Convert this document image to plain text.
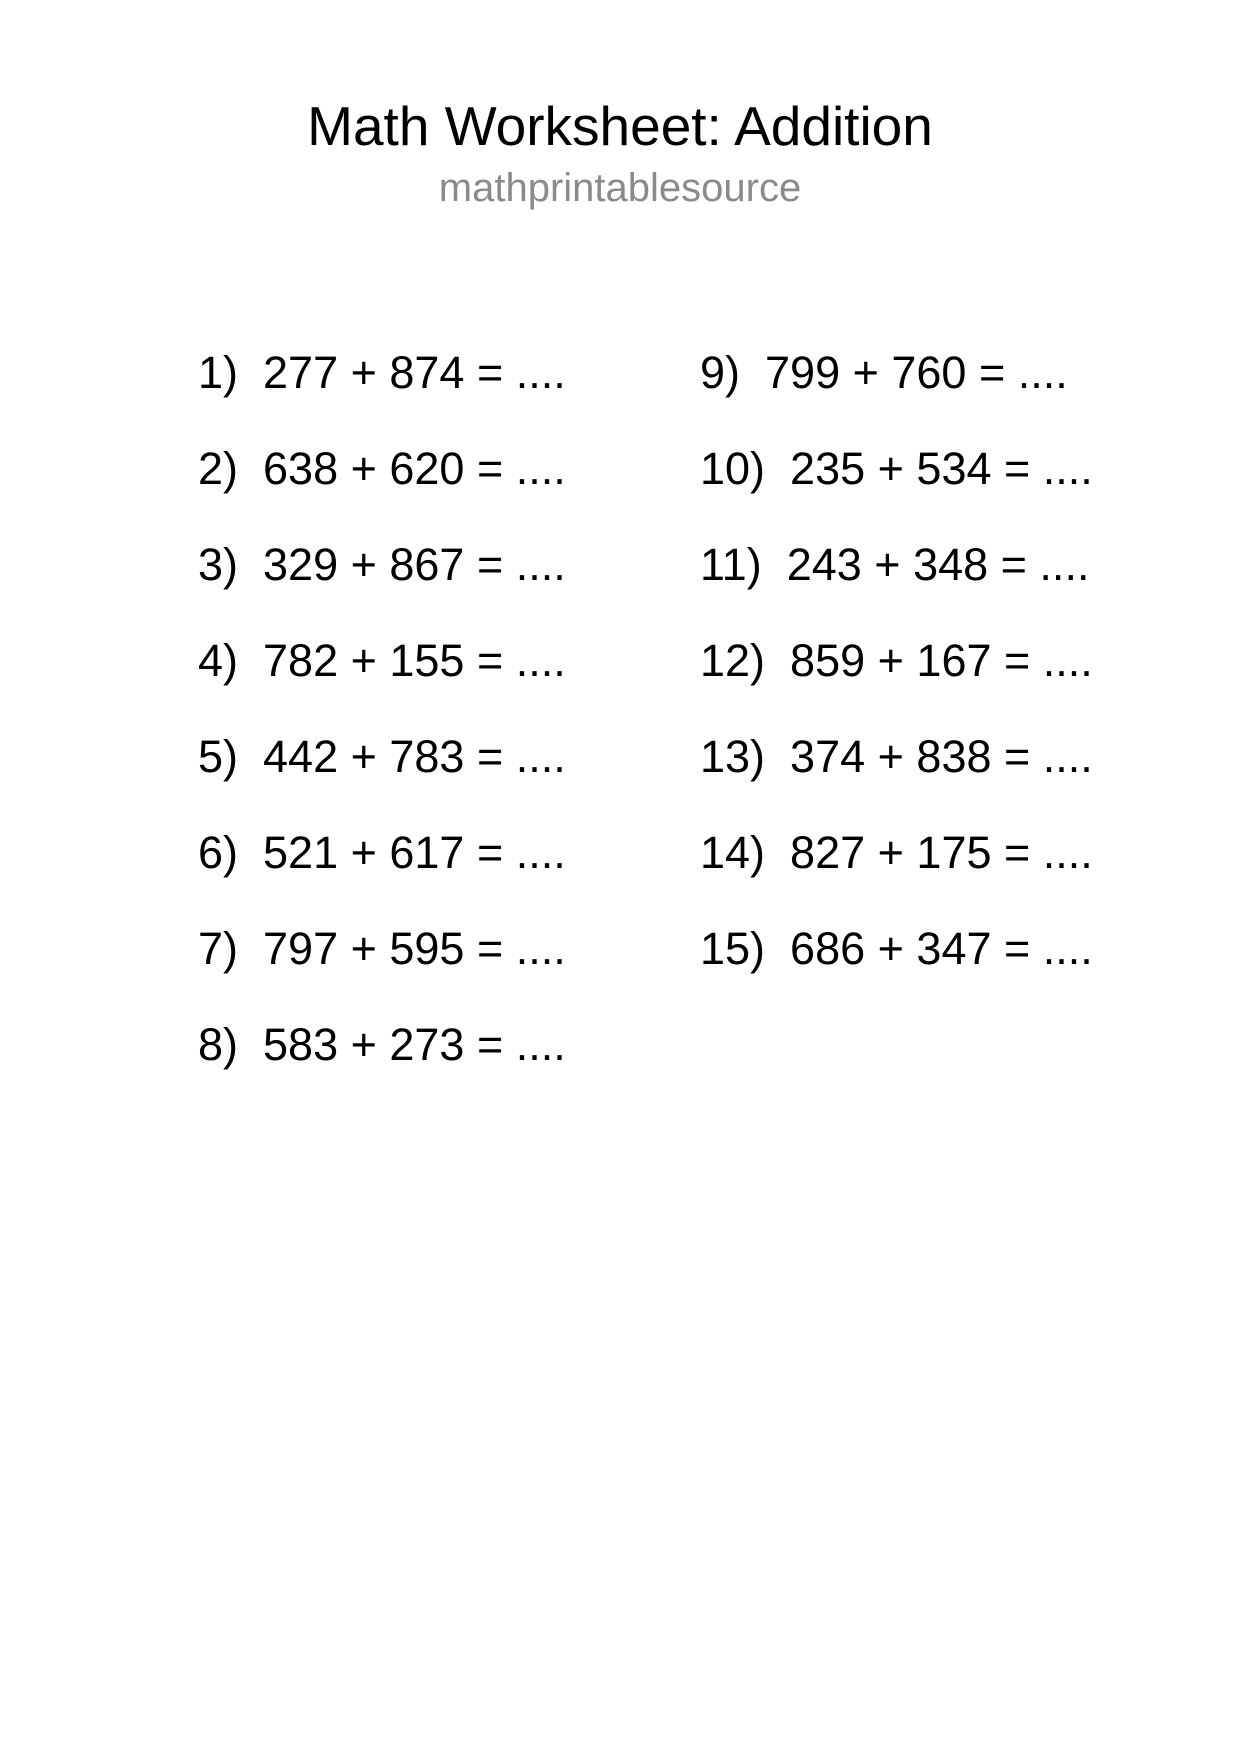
Math Worksheet: Addition
mathprintablesource
1) 277 + 874 = ....
2) 638 + 620 = ....
3) 329 + 867 = ....
4) 782 + 155 = ....
5) 442 + 783 = ....
6) 521 + 617 = ....
7) 797 + 595 = ....
8) 583 + 273 = ....
9) 799 + 760 = ....
10) 235 + 534 = ....
11) 243 + 348 = ....
12) 859 + 167 = ....
13) 374 + 838 = ....
14) 827 + 175 = ....
15) 686 + 347 = ....
